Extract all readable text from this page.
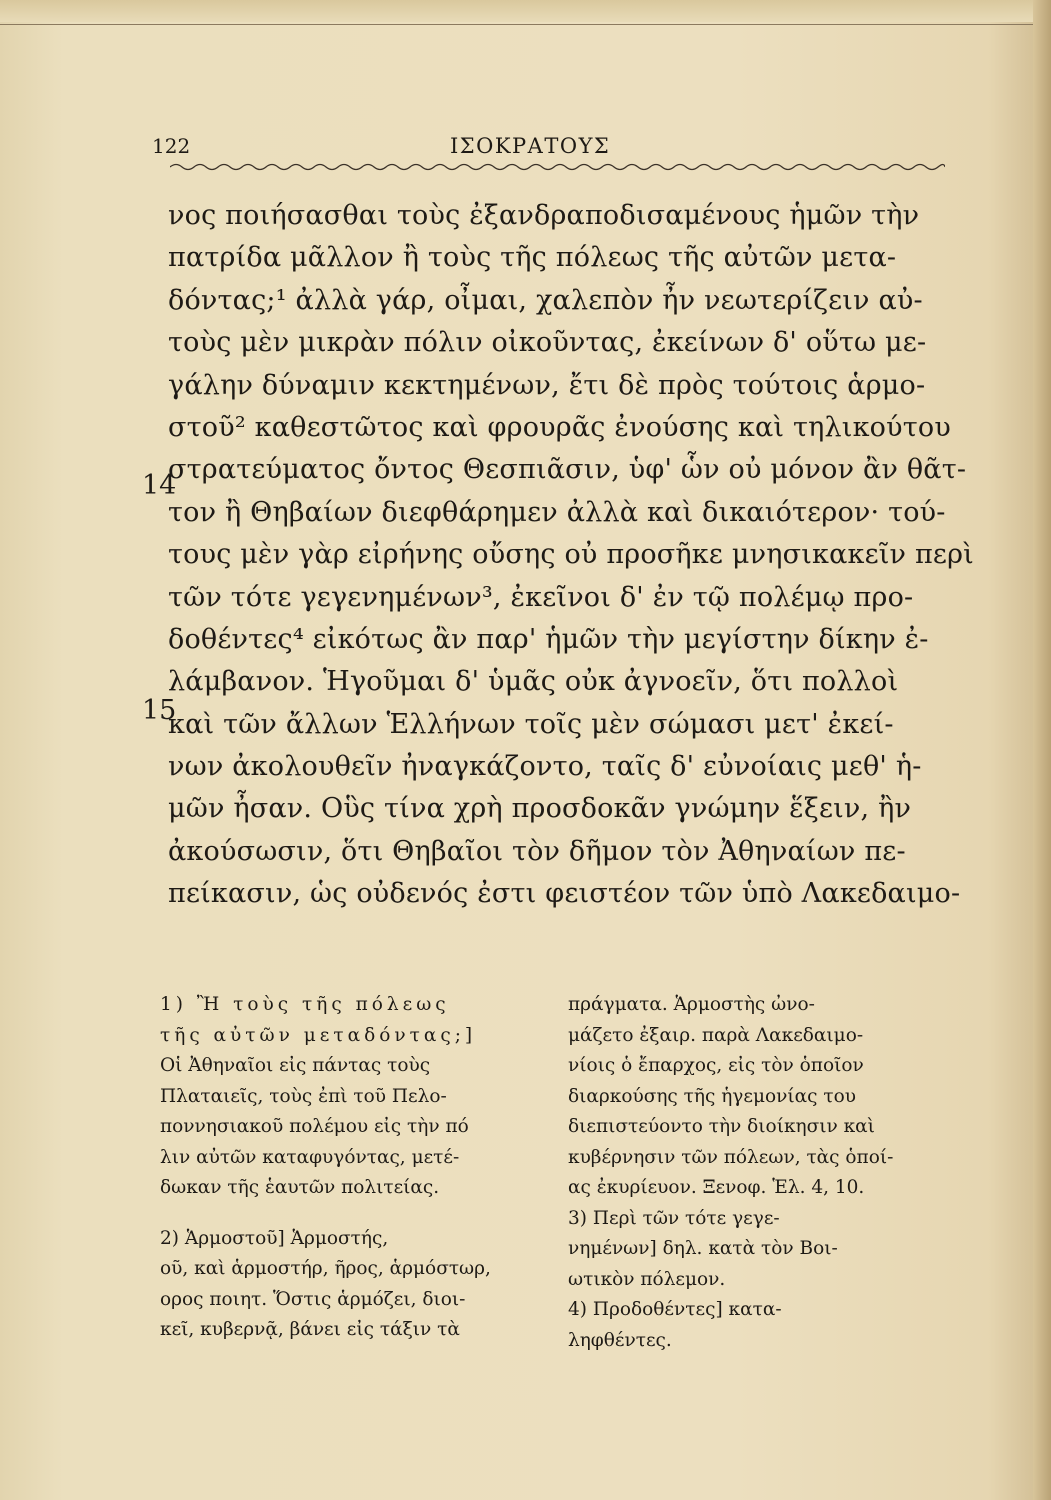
122	ΙΣΟΚΡΑΤΟΥΣ
νος ποιήσασθαι τοὺς ἐξανδραποδισαμένους ἡμῶν τὴν
πατρίδα μᾶλλον ἢ τοὺς τῆς πόλεως τῆς αὐτῶν μετα-
δόντας;¹ ἀλλὰ γάρ, οἶμαι, χαλεπὸν ἦν νεωτερίζειν αὐ-
τοὺς μὲν μικρὰν πόλιν οἰκοῦντας, ἐκείνων δ' οὕτω με-
γάλην δύναμιν κεκτημένων, ἔτι δὲ πρὸς τούτοις ἁρμο-
στοῦ² καθεστῶτος καὶ φρουρᾶς ἐνούσης καὶ τηλικούτου
14
στρατεύματος ὄντος Θεσπιᾶσιν, ὑφ' ὧν οὐ μόνον ἂν θᾶτ-
τον ἢ Θηβαίων διεφθάρημεν ἀλλὰ καὶ δικαιότερον· τού-
τους μὲν γὰρ εἰρήνης οὔσης οὐ προσῆκε μνησικακεῖν περὶ
τῶν τότε γεγενημένων³, ἐκεῖνοι δ' ἐν τῷ πολέμῳ προ-
δοθέντες⁴ εἰκότως ἂν παρ' ἡμῶν τὴν μεγίστην δίκην ἐ-
15
λάμβανον. Ἡγοῦμαι δ' ὑμᾶς οὐκ ἀγνοεῖν, ὅτι πολλοὶ
καὶ τῶν ἄλλων Ἑλλήνων τοῖς μὲν σώμασι μετ' ἐκεί-
νων ἀκολουθεῖν ἠναγκάζοντο, ταῖς δ' εὐνοίαις μεθ' ἡ-
μῶν ἦσαν. Οὓς τίνα χρὴ προσδοκᾶν γνώμην ἕξειν, ἢν
ἀκούσωσιν, ὅτι Θηβαῖοι τὸν δῆμον τὸν Ἀθηναίων πε-
πείκασιν, ὡς οὐδενός ἐστι φειστέον τῶν ὑπὸ Λακεδαιμο-
1) Ἢ τοὺς τῆς πόλεως
τῆς αὐτῶν μεταδόντας;]
Οἱ Ἀθηναῖοι εἰς πάντας τοὺς
Πλαταιεῖς, τοὺς ἐπὶ τοῦ Πελο-
ποννησιακοῦ πολέμου εἰς τὴν πό
λιν αὐτῶν καταφυγόντας, μετέ-
δωκαν τῆς ἑαυτῶν πολιτείας.
2) Ἁρμοστοῦ] Ἁρμοστής,
οῦ, καὶ ἁρμοστήρ, ῆρος, ἁρμόστωρ,
ορος ποιητ. Ὅστις ἁρμόζει, διοι-
κεῖ, κυβερνᾷ, βάνει εἰς τάξιν τὰ
πράγματα. Ἁρμοστὴς ὠνο-
μάζετο ἐξαιρ. παρὰ Λακεδαιμο-
νίοις ὁ ἔπαρχος, εἰς τὸν ὁποῖον
διαρκούσης τῆς ἡγεμονίας του
διεπιστεύοντο τὴν διοίκησιν καὶ
κυβέρνησιν τῶν πόλεων, τὰς ὁποί-
ας ἐκυρίευον. Ξενοφ. Ἑλ. 4, 10.
3) Περὶ τῶν τότε γεγε-
νημένων] δηλ. κατὰ τὸν Βοι-
ωτικὸν πόλεμον.
4) Προδοθέντες] κατα-
ληφθέντες.
